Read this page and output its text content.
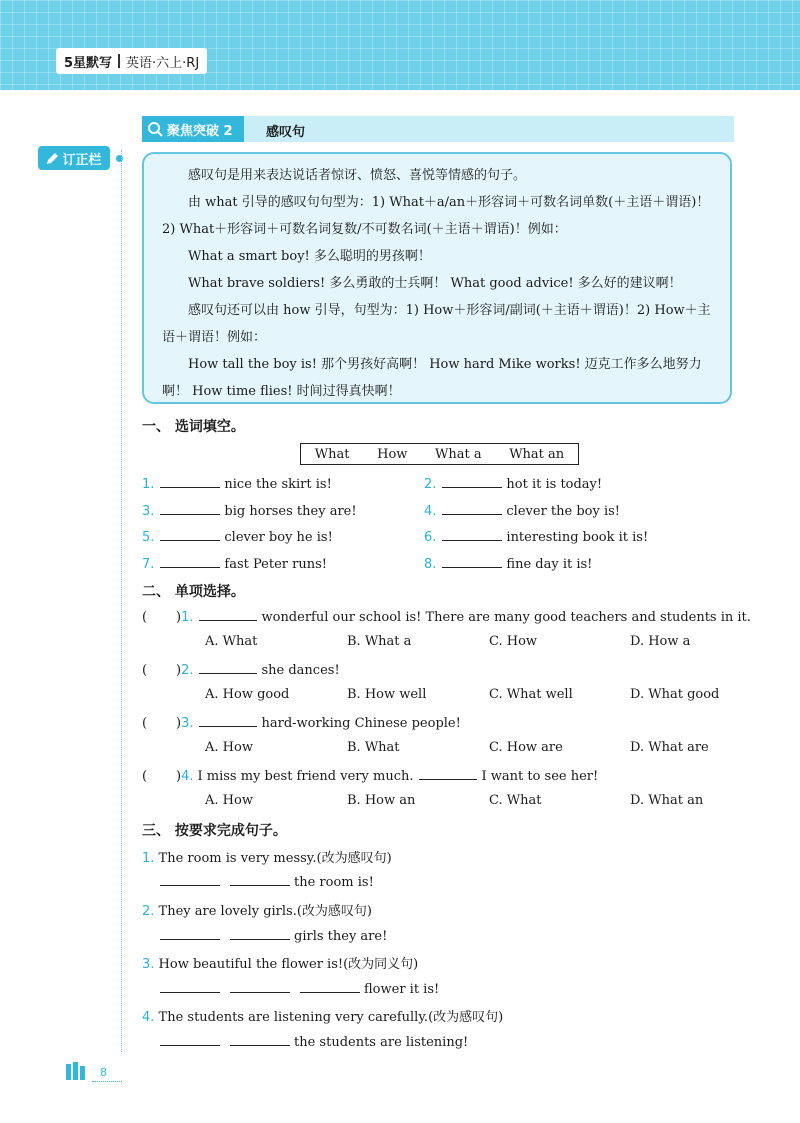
5星默写 英语·六上·RJ
订正栏
聚焦突破 2	感叹句

感叹句是用来表达说话者惊讶、愤怒、喜悦等情感的句子。

由 what 引导的感叹句句型为：1) What＋a/an＋形容词＋可数名词单数(＋主语＋谓语)！2) What＋形容词＋可数名词复数/不可数名词(＋主语＋谓语)！例如：

What a smart boy! 多么聪明的男孩啊！

What brave soldiers! 多么勇敢的士兵啊！ What good advice! 多么好的建议啊！

感叹句还可以由 how 引导，句型为：1) How＋形容词/副词(＋主语＋谓语)！2) How＋主语＋谓语！例如：

How tall the boy is! 那个男孩好高啊！ How hard Mike works! 迈克工作多么地努力啊！ How time flies! 时间过得真快啊！

一、 选词填空。
What How What a What an
1.	nice the skirt is!	2.	hot it is today!
3.	big horses they are!	4.	clever the boy is!
5.	clever boy he is!	6.	interesting book it is!
7.	fast Peter runs!	8.	fine day it is!
二、 单项选择。
(       )1.	wonderful our school is! There are many good teachers and students in it.
A. What	B. What a	C. How	D. How a
(       )2.	she dances!
A. How good	B. How well	C. What well	D. What good
(       )3.	hard-working Chinese people!
A. How	B. What	C. How are	D. What are
(       )4. I miss my best friend very much.	I want to see her!
A. How	B. How an	C. What	D. What an
三、 按要求完成句子。
1. The room is very messy.(改为感叹句)
the room is!
2. They are lovely girls.(改为感叹句)
girls they are!
3. How beautiful the flower is!(改为同义句)
flower it is!
4. The students are listening very carefully.(改为感叹句)
the students are listening!
8
